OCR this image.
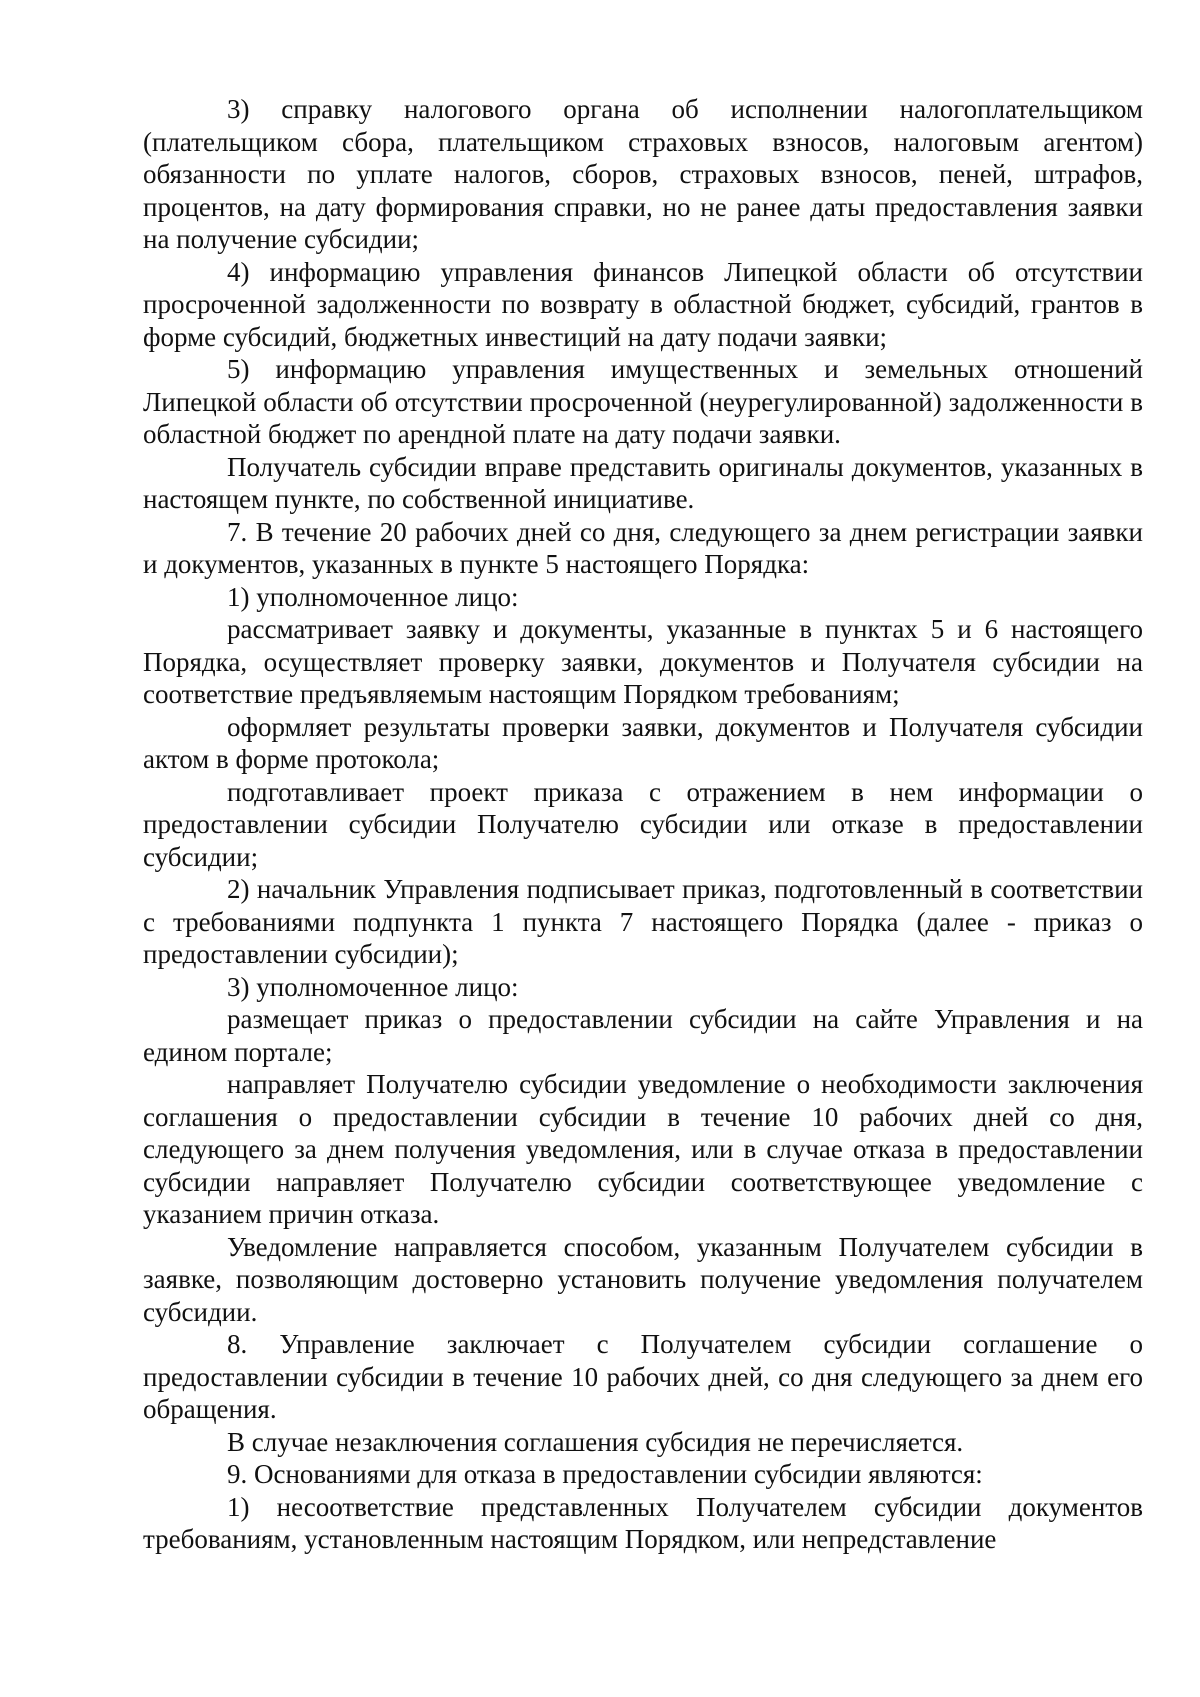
3) справку налогового органа об исполнении налогоплательщиком (плательщиком сбора, плательщиком страховых взносов, налоговым агентом) обязанности по уплате налогов, сборов, страховых взносов, пеней, штрафов, процентов, на дату формирования справки, но не ранее даты предоставления заявки на получение субсидии;

4) информацию управления финансов Липецкой области об отсутствии просроченной задолженности по возврату в областной бюджет, субсидий, грантов в форме субсидий, бюджетных инвестиций на дату подачи заявки;

5) информацию управления имущественных и земельных отношений Липецкой области об отсутствии просроченной (неурегулированной) задолженности в областной бюджет по арендной плате на дату подачи заявки.

Получатель субсидии вправе представить оригиналы документов, указанных в настоящем пункте, по собственной инициативе.

7. В течение 20 рабочих дней со дня, следующего за днем регистрации заявки и документов, указанных в пункте 5 настоящего Порядка:

1) уполномоченное лицо:

рассматривает заявку и документы, указанные в пунктах 5 и 6 настоящего Порядка, осуществляет проверку заявки, документов и Получателя субсидии на соответствие предъявляемым настоящим Порядком требованиям;

оформляет результаты проверки заявки, документов и Получателя субсидии актом в форме протокола;

подготавливает проект приказа с отражением в нем информации о предоставлении субсидии Получателю субсидии или отказе в предоставлении субсидии;

2) начальник Управления подписывает приказ, подготовленный в соответствии с требованиями подпункта 1 пункта 7 настоящего Порядка (далее - приказ о предоставлении субсидии);

3) уполномоченное лицо:

размещает приказ о предоставлении субсидии на сайте Управления и на едином портале;

направляет Получателю субсидии уведомление о необходимости заключения соглашения о предоставлении субсидии в течение 10 рабочих дней со дня, следующего за днем получения уведомления, или в случае отказа в предоставлении субсидии направляет Получателю субсидии соответствующее уведомление с указанием причин отказа.

Уведомление направляется способом, указанным Получателем субсидии в заявке, позволяющим достоверно установить получение уведомления получателем субсидии.

8. Управление заключает с Получателем субсидии соглашение о предоставлении субсидии в течение 10 рабочих дней, со дня следующего за днем его обращения.

В случае незаключения соглашения субсидия не перечисляется.

9. Основаниями для отказа в предоставлении субсидии являются:

1) несоответствие представленных Получателем субсидии документов требованиям, установленным настоящим Порядком, или непредставление
